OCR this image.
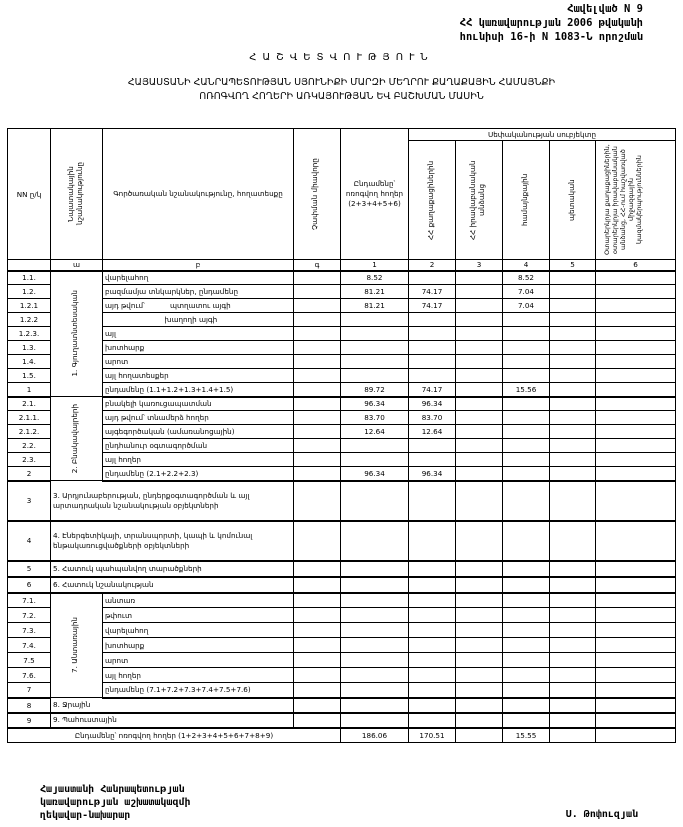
Հավելված N 9
ՀՀ կառավարության 2006 թվականի
հունիսի 16-ի N 1083-Ն որոշման
ՀԱՇՎԵՏՎՈՒԹՅՈՒՆ
ՀԱՅԱՍՏԱՆԻ ՀԱՆՐԱՊԵՏՈՒԹՅԱՆ ՍՅՈՒՆԻՔԻ ՄԱՐԶԻ ՄԵՂՐՈՒ ՔԱՂԱՔԱՅԻՆ ՀԱՄԱՅՆՔԻ
ՈՌՈԳՎՈՂ ՀՈՂԵՐԻ ԱՌԿԱՅՈՒԹՅԱՆ ԵՎ ԲԱՇԽՄԱՆ ՄԱՍԻՆ
NN ը/կ	Նպատակային նշանակությունը	Գործառական նշանակությունը, հողատեսքը	Չափման միավորը	Ընդամենը՝ ոռոգվող հողեր (2+3+4+5+6)	Սեփականության սուբյեկտը				

					ՀՀ քաղաքացիներին	ՀՀ իրավաբանական անձանց	համայնքային	պետական	Օտարերկրյա քաղաքացիներին, օտարերկրյա իրավաբանական անձանց, ՀՀ-ում հաշվառված միջազգային կազմակերպություններին

	ա	բ	գ	1	2	3	4	5	6
1.1.	1. Գյուղատնտեսական	վարելահող		8.52			8.52		
1.2.		բազմամյա տնկարկներ, ընդամենը		81.21	74.17		7.04		
1.2.1		այդ թվում՝           պտղատու այգի		81.21	74.17		7.04		
1.2.2		խաղողի այգի							
1.2.3.		այլ							
1.3.		խոտհարք							
1.4.		արոտ							
1.5.		այլ հողատեսքեր							
1		ընդամենը (1.1+1.2+1.3+1.4+1.5)		89.72	74.17		15.56		
2.1.	2. Բնակավայրերի	բնակելի կառուցապատման		96.34	96.34				
2.1.1.		այդ թվում՝ տնամերձ հողեր		83.70	83.70				
2.1.2.		այգեգործական (ամառանոցային)		12.64	12.64				
2.2.		ընդհանուր օգտագործման							
2.3.		այլ հողեր							
2		ընդամենը (2.1+2.2+2.3)		96.34	96.34				
3	3. Արդյունաբերության, ընդերքօգտագործման և այլ արտադրական նշանակության օբյեկտների								
4	4. Էներգետիկայի, տրանսպորտի, կապի և կոմունալ ենթակառուցվածքների օբյեկտների								
5	5. Հատուկ պահպանվող տարածքների								
6	6. Հատուկ նշանակության								
7.1.	7. Անտառային	անտառ							
7.2.		թփուտ							
7.3.		վարելահող							
7.4.		խոտհարք							
7.5		արոտ							
7.6.		այլ հողեր							
7		ընդամենը (7.1+7.2+7.3+7.4+7.5+7.6)							
8	8. Ջրային								
9	9. Պահուստային								
Ընդամենը՝ ոռոգվող հողեր (1+2+3+4+5+6+7+8+9)				186.06	170.51		15.55		
Հայաստանի Հանրապետության
կառավարության աշխատակազմի
ղեկավար-նախարար	Ս. Թոփուզյան
